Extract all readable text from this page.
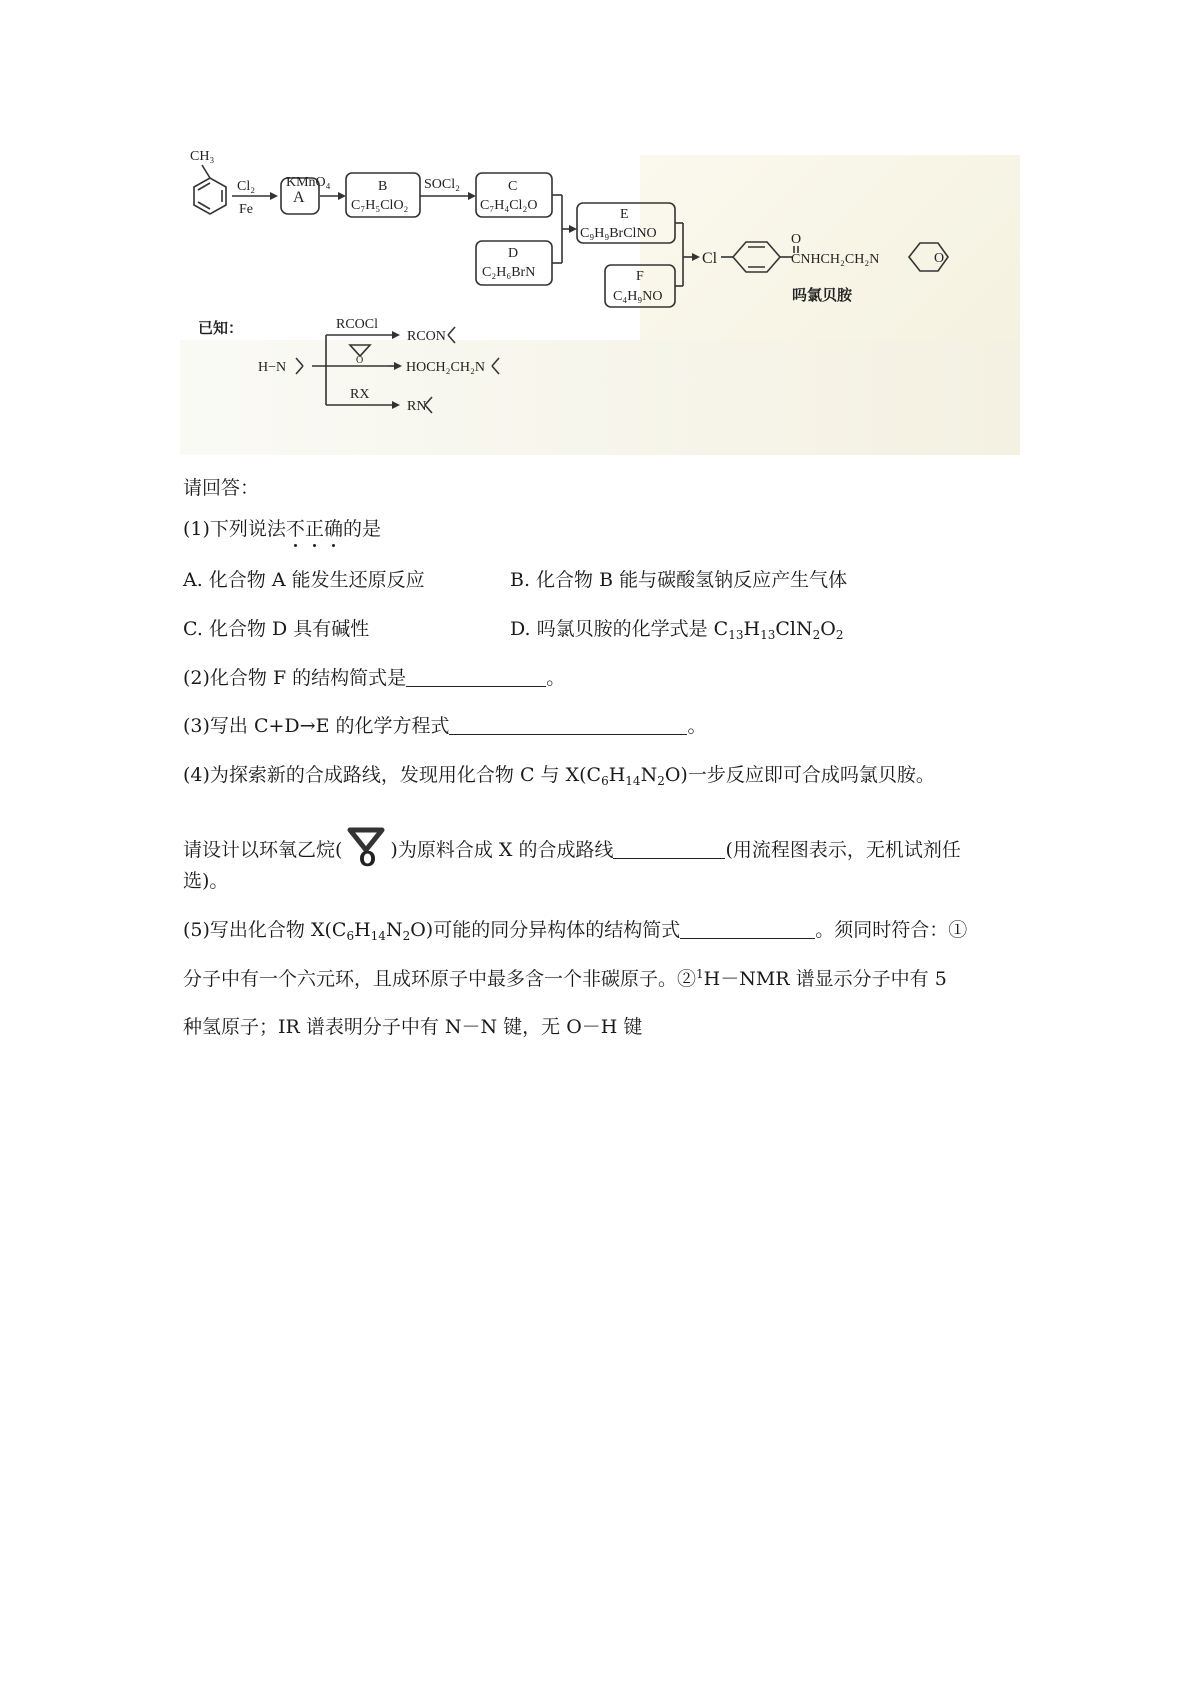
CH₃
Cl₂
Fe
A
KMnO₄	B
C₇H₅ClO₂
SOCl₂	C
C₇H₄Cl₂O
D
C₂H₆BrN
E
C₉H₉BrClNO
F
C₄H₉NO
Cl
O
CNHCH₂CH₂N	O
吗氯贝胺
已知：
H−N
RCOCl
RCON
O	HOCH₂CH₂N
RX
RN
请回答：
(1)下列说法不正确的是
A. 化合物 A 能发生还原反应	B. 化合物 B 能与碳酸氢钠反应产生气体
C. 化合物 D 具有碱性	D. 吗氯贝胺的化学式是 $C_{13}H_{13}ClN_2O_2$
(2)化合物 F 的结构简式是	。
(3)写出 C+D→E 的化学方程式	。
(4)为探索新的合成路线，发现用化合物 C 与 $X(C_6H_{14}N_2O)$一步反应即可合成吗氯贝胺。
请设计以环氧乙烷( O )为原料合成 X 的合成路线	(用流程图表示，无机试剂任
选)。
(5)写出化合物 $X(C_6H_{14}N_2O)$可能的同分异构体的结构简式	。须同时符合：①
分子中有一个六元环，且成环原子中最多含一个非碳原子。②$^1$H－NMR 谱显示分子中有 5
种氢原子；IR 谱表明分子中有 N－N 键，无 O－H 键
